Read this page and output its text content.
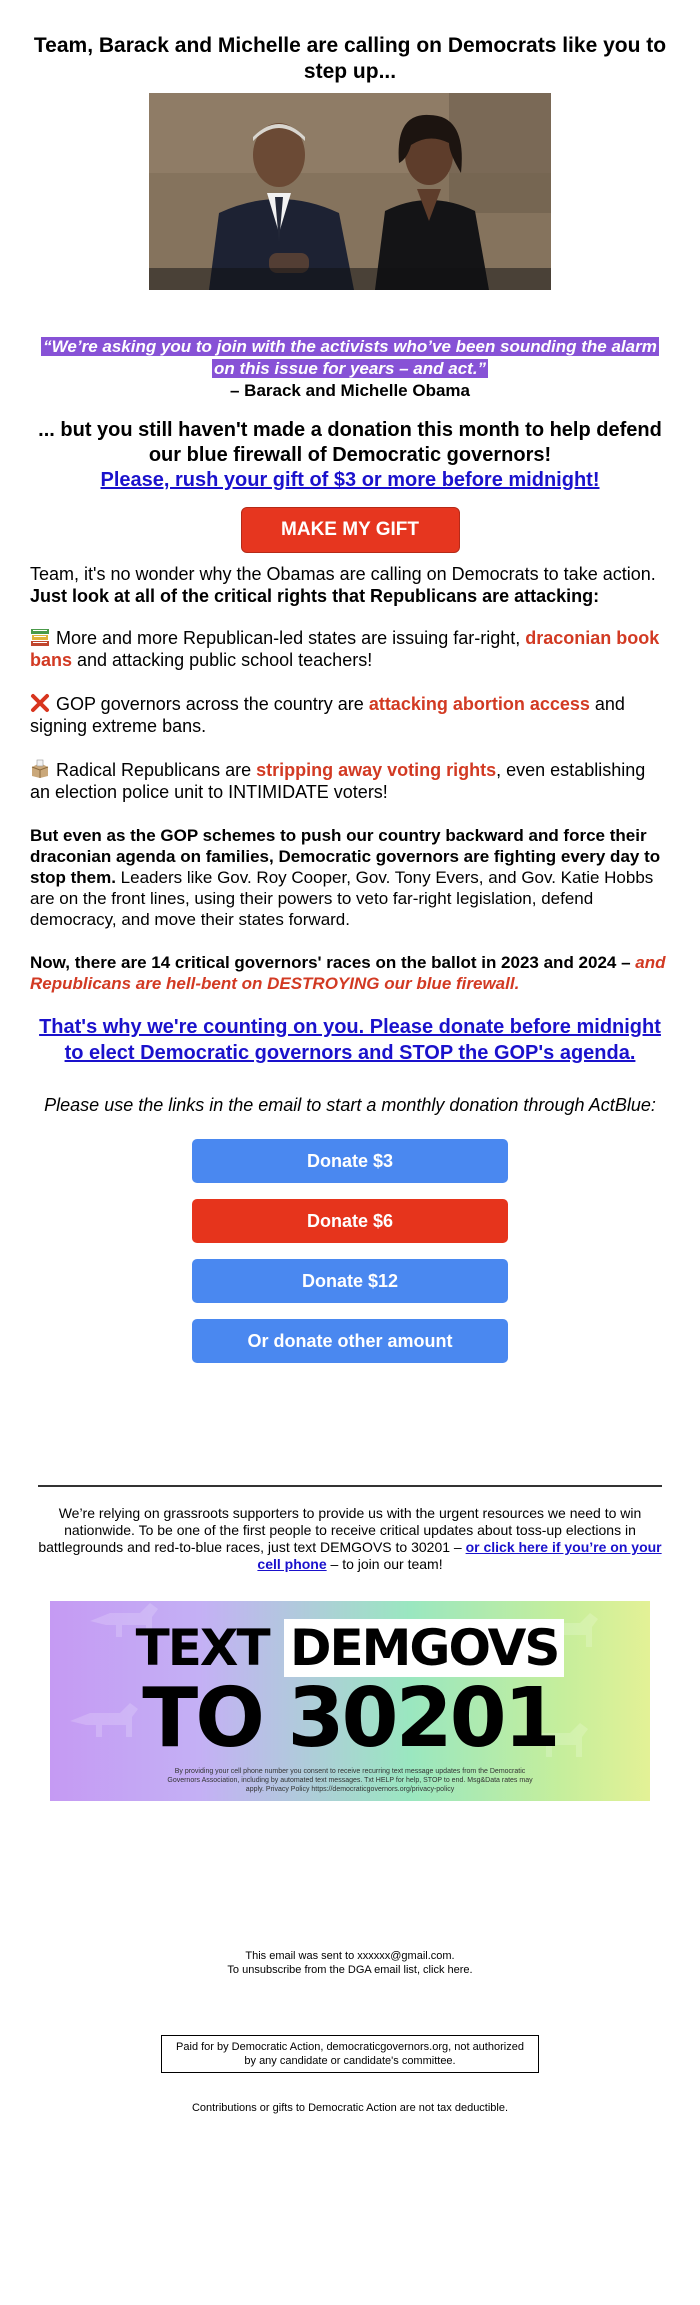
Team, Barack and Michelle are calling on Democrats like you to step up...
“We’re asking you to join with the activists who’ve been sounding the alarm on this issue for years – and act.”
– Barack and Michelle Obama
... but you still haven't made a donation this month to help defend our blue firewall of Democratic governors!
Please, rush your gift of $3 or more before midnight!
MAKE MY GIFT

Team, it's no wonder why the Obamas are calling on Democrats to take action. Just look at all of the critical rights that Republicans are attacking:

More and more Republican-led states are issuing far-right, draconian book bans and attacking public school teachers!

GOP governors across the country are attacking abortion access and signing extreme bans.

Radical Republicans are stripping away voting rights, even establishing an election police unit to INTIMIDATE voters!

But even as the GOP schemes to push our country backward and force their draconian agenda on families, Democratic governors are fighting every day to stop them. Leaders like Gov. Roy Cooper, Gov. Tony Evers, and Gov. Katie Hobbs are on the front lines, using their powers to veto far-right legislation, defend democracy, and move their states forward.

Now, there are 14 critical governors' races on the ballot in 2023 and 2024 – and Republicans are hell-bent on DESTROYING our blue firewall.

That's why we're counting on you. Please donate before midnight to elect Democratic governors and STOP the GOP's agenda.
Please use the links in the email to start a monthly donation through ActBlue:
Donate $3
Donate $6
Donate $12
Or donate other amount
We’re relying on grassroots supporters to provide us with the urgent resources we need to win nationwide. To be one of the first people to receive critical updates about toss-up elections in battlegrounds and red-to-blue races, just text DEMGOVS to 30201 – or click here if you’re on your cell phone – to join our team!
TEXT DEMGOVS
TO 30201
By providing your cell phone number you consent to receive recurring text message updates from the Democratic Governors Association, including by automated text messages. Txt HELP for help, STOP to end. Msg&Data rates may apply. Privacy Policy https://democraticgovernors.org/privacy-policy
This email was sent to xxxxxx@gmail.com.
To unsubscribe from the DGA email list, click here.
Paid for by Democratic Action, democraticgovernors.org, not authorized by any candidate or candidate's committee.
Contributions or gifts to Democratic Action are not tax deductible.
